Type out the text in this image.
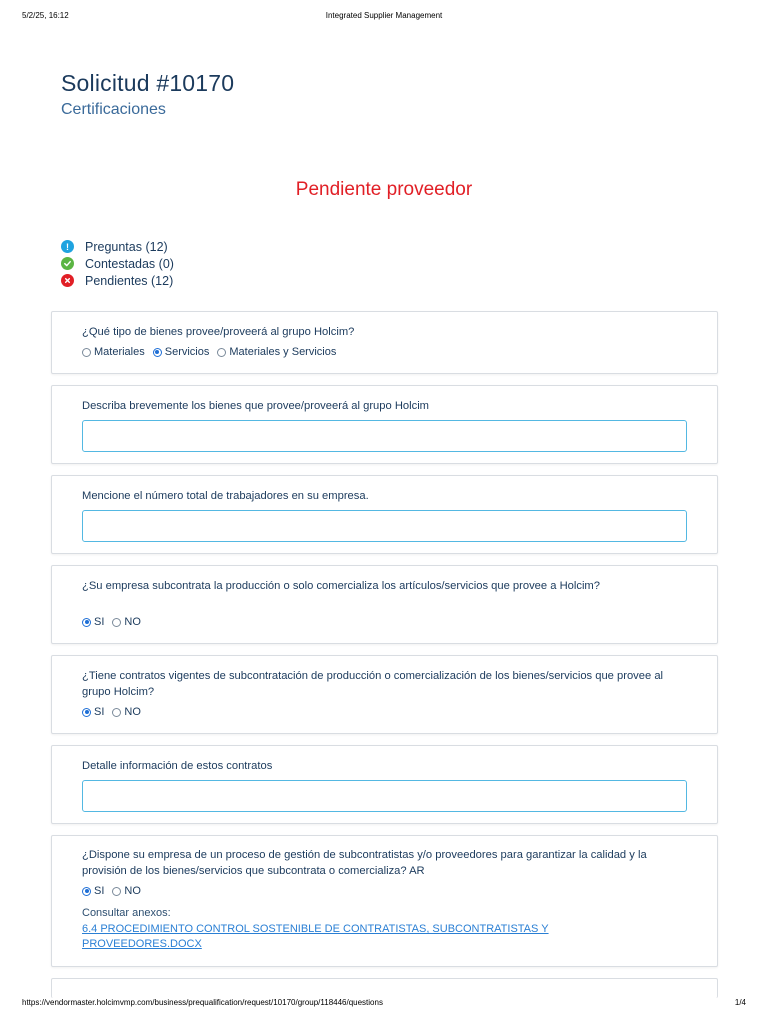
5/2/25, 16:12	Integrated Supplier Management
Solicitud #10170
Certificaciones
Pendiente proveedor
!	Preguntas (12)
Contestadas (0)
Pendientes (12)
¿Qué tipo de bienes provee/proveerá al grupo Holcim?
Materiales Servicios Materiales y Servicios
Describa brevemente los bienes que provee/proveerá al grupo Holcim
Mencione el número total de trabajadores en su empresa.
¿Su empresa subcontrata la producción o solo comercializa los artículos/servicios que provee a Holcim?
SI NO
¿Tiene contratos vigentes de subcontratación de producción o comercialización de los bienes/servicios que provee al grupo Holcim?
SI NO
Detalle información de estos contratos
¿Dispone su empresa de un proceso de gestión de subcontratistas y/o proveedores para garantizar la calidad y la provisión de los bienes/servicios que subcontrata o comercializa? AR
SI NO
Consultar anexos:
6.4 PROCEDIMIENTO CONTROL SOSTENIBLE DE CONTRATISTAS, SUBCONTRATISTAS Y PROVEEDORES.DOCX
https://vendormaster.holcimvmp.com/business/prequalification/request/10170/group/118446/questions	1/4
